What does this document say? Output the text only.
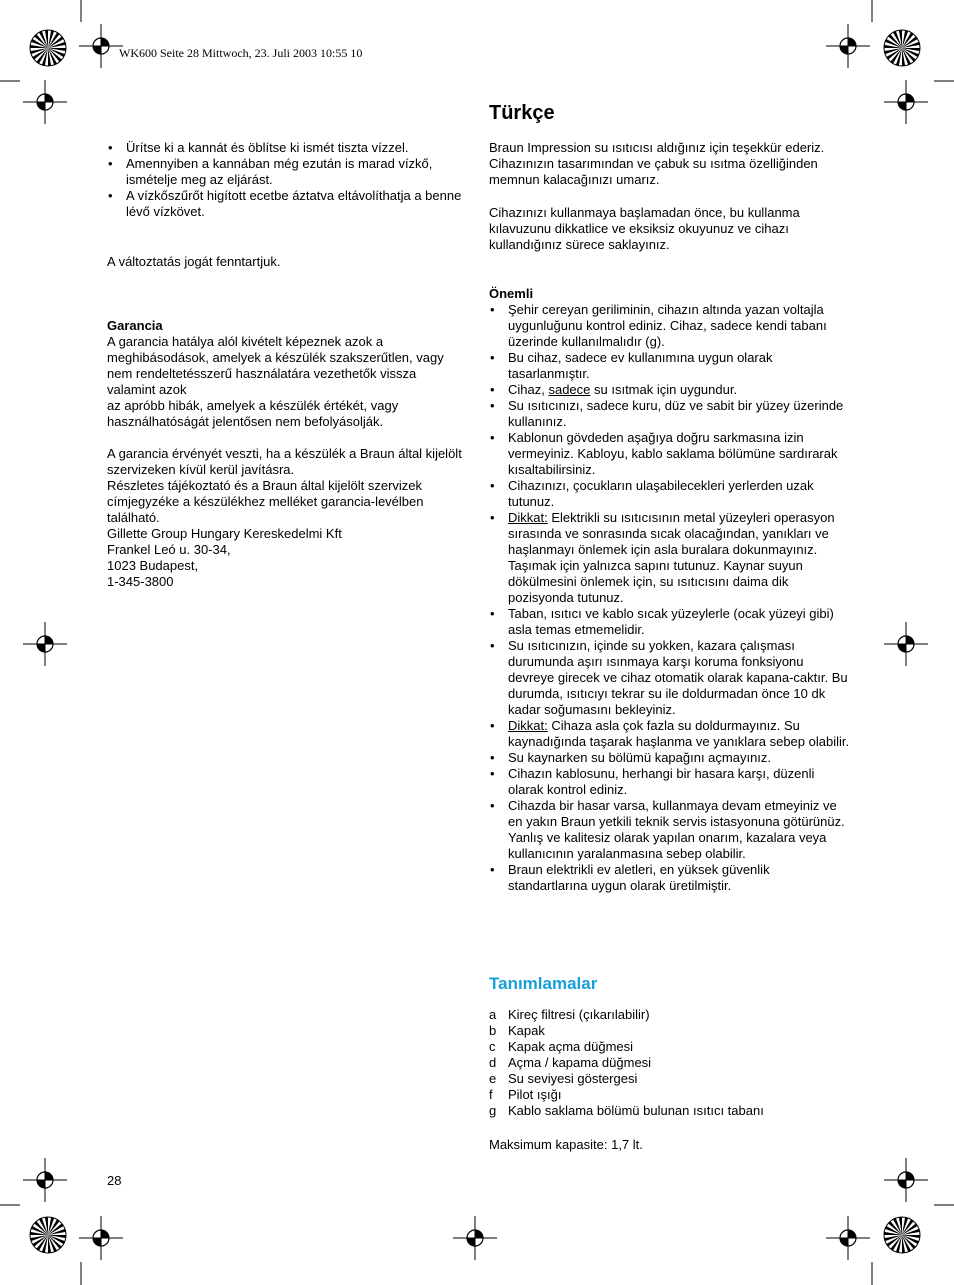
WK600 Seite 28 Mittwoch, 23. Juli 2003 10:55 10
• Ürítse ki a kannát és öblítse ki ismét tiszta vízzel.
• Amennyiben a kannában még ezután is marad vízkő, ismételje meg az eljárást.
• A vízkőszűrőt higított ecetbe áztatva eltávolíthatja a benne lévő vízkövet.

A változtatás jogát fenntartjuk.

Garancia

A garancia hatálya alól kivételt képeznek azok a meghibásodások, amelyek a készülék szakszerűtlen, vagy nem rendeltetésszerű használatára vezethetők vissza valamint azok

az apróbb hibák, amelyek a készülék értékét, vagy használhatóságát jelentősen nem befolyásolják.

A garancia érvényét veszti, ha a készülék a Braun által kijelölt szervizeken kívül kerül javításra.

Részletes tájékoztató és a Braun által kijelölt szervizek címjegyzéke a készülékhez melléket garancia-levélben található.

Gillette Group Hungary Kereskedelmi Kft

Frankel Leó u. 30-34,

1023 Budapest,

1-345-3800

Türkçe

Braun Impression su ısıtıcısı aldığınız için teşekkür ederiz. Cihazınızın tasarımından ve çabuk su ısıtma özelliğinden memnun kalacağınızı umarız.

Cihazınızı kullanmaya başlamadan önce, bu kullanma kılavuzunu dikkatlice ve eksiksiz okuyunuz ve cihazı kullandığınız sürece saklayınız.

Önemli

• Şehir cereyan geriliminin, cihazın altında yazan voltajla uygunluğunu kontrol ediniz. Cihaz, sadece kendi tabanı üzerinde kullanılmalıdır (g).
• Bu cihaz, sadece ev kullanımına uygun olarak tasarlanmıştır.
• Cihaz, sadece su ısıtmak için uygundur.
• Su ısıtıcınızı, sadece kuru, düz ve sabit bir yüzey üzerinde kullanınız.
• Kablonun gövdeden aşağıya doğru sarkmasına izin vermeyiniz. Kabloyu, kablo saklama bölümüne sardırarak kısaltabilirsiniz.
• Cihazınızı, çocukların ulaşabilecekleri yerlerden uzak tutunuz.
• Dikkat: Elektrikli su ısıtıcısının metal yüzeyleri operasyon sırasında ve sonrasında sıcak olacağından, yanıkları ve haşlanmayı önlemek için asla buralara dokunmayınız. Taşımak için yalnızca sapını tutunuz. Kaynar suyun dökülmesini önlemek için, su ısıtıcısını daima dik pozisyonda tutunuz.
• Taban, ısıtıcı ve kablo sıcak yüzeylerle (ocak yüzeyi gibi) asla temas etmemelidir.
• Su ısıtıcınızın, içinde su yokken, kazara çalışması durumunda aşırı ısınmaya karşı koruma fonksiyonu devreye girecek ve cihaz otomatik olarak kapana-caktır. Bu durumda, ısıtıcıyı tekrar su ile doldurmadan önce 10 dk kadar soğumasını bekleyiniz.
• Dikkat: Cihaza asla çok fazla su doldurmayınız. Su kaynadığında taşarak haşlanma ve yanıklara sebep olabilir.
• Su kaynarken su bölümü kapağını açmayınız.
• Cihazın kablosunu, herhangi bir hasara karşı, düzenli olarak kontrol ediniz.
• Cihazda bir hasar varsa, kullanmaya devam etmeyiniz ve en yakın Braun yetkili teknik servis istasyonuna götürünüz. Yanlış ve kalitesiz olarak yapılan onarım, kazalara veya kullanıcının yaralanmasına sebep olabilir.
• Braun elektrikli ev aletleri, en yüksek güvenlik standartlarına uygun olarak üretilmiştir.
Tanımlamalar
a	Kireç filtresi (çıkarılabilir)
b	Kapak
c	Kapak açma düğmesi
d	Açma / kapama düğmesi
e	Su seviyesi göstergesi
f	Pilot ışığı
g	Kablo saklama bölümü bulunan ısıtıcı tabanı

Maksimum kapasite: 1,7 lt.

28
